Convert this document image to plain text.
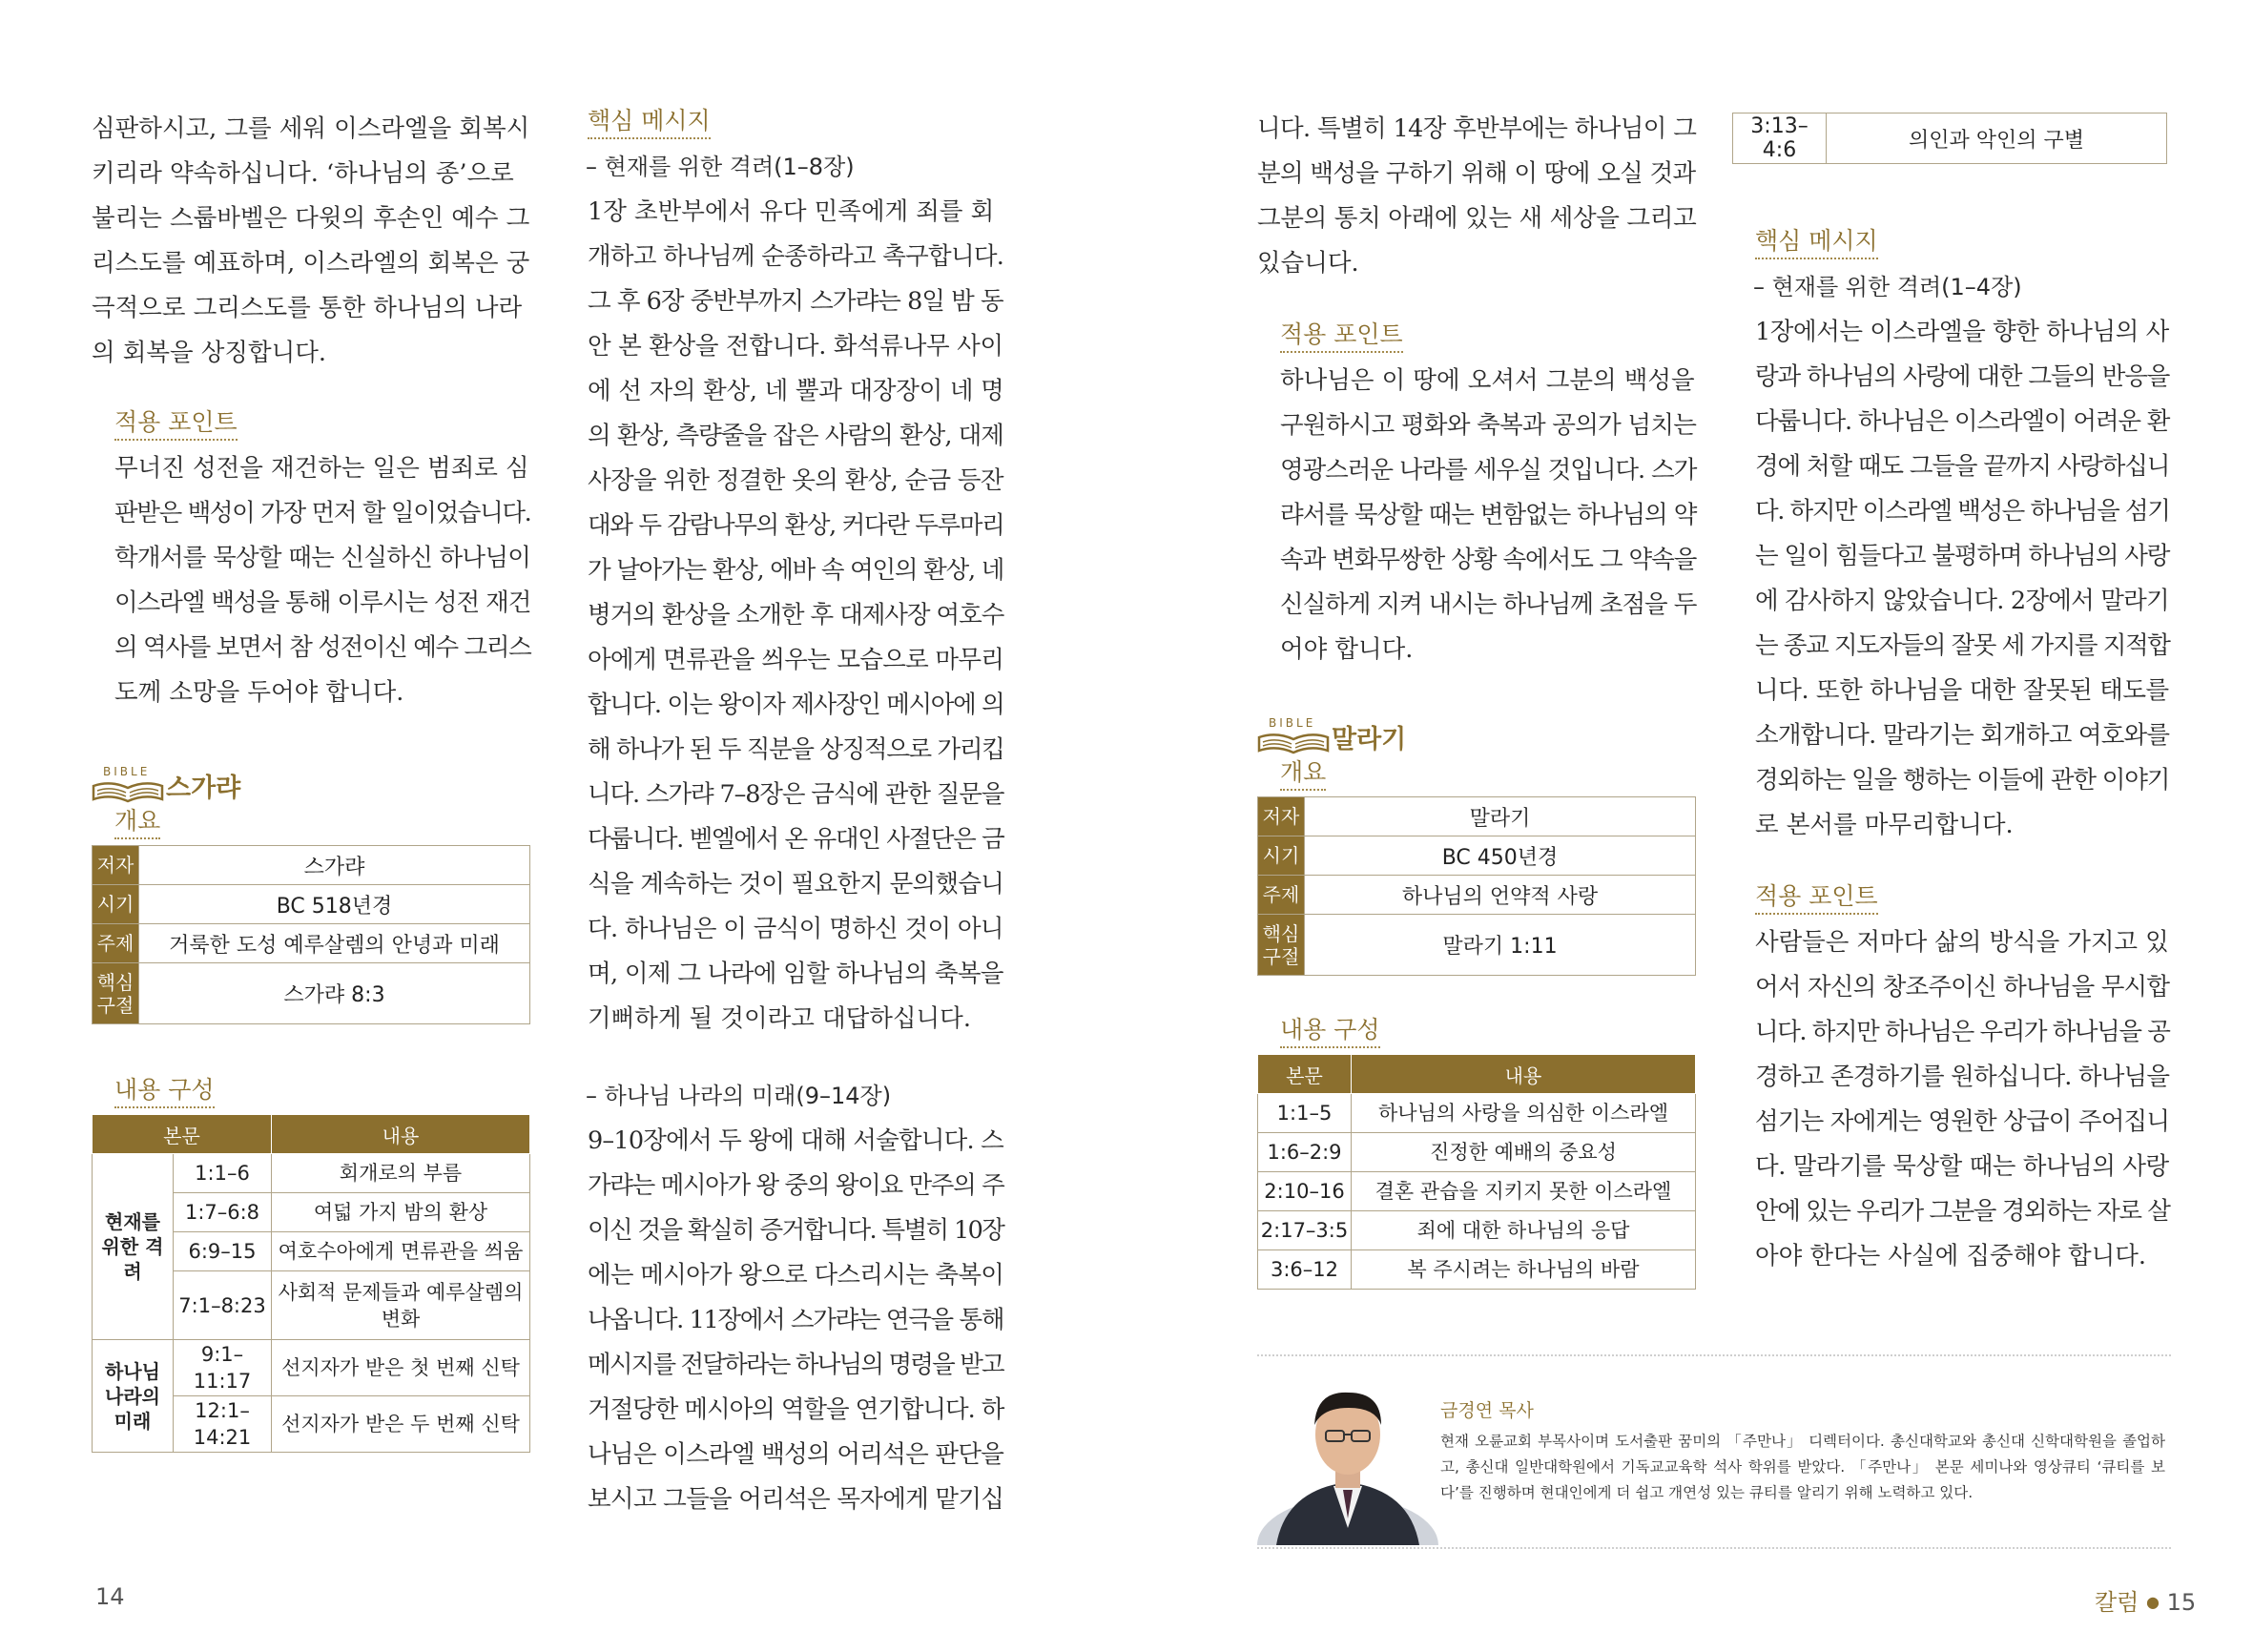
심판하시고, 그를 세워 이스라엘을 회복시
키리라 약속하십니다. ‘하나님의 종’으로
불리는 스룹바벨은 다윗의 후손인 예수 그
리스도를 예표하며, 이스라엘의 회복은 궁
극적으로 그리스도를 통한 하나님의 나라
의 회복을 상징합니다.

적용 포인트

무너진 성전을 재건하는 일은 범죄로 심
판받은 백성이 가장 먼저 할 일이었습니다.
학개서를 묵상할 때는 신실하신 하나님이
이스라엘 백성을 통해 이루시는 성전 재건
의 역사를 보면서 참 성전이신 예수 그리스
도께 소망을 두어야 합니다.

BIBLE
스가랴
개요
저자	스가랴
시기	BC 518년경
주제	거룩한 도성 예루살렘의 안녕과 미래
핵심 구절	스가랴 8:3
내용 구성
본문		내용
현재를 위한 격려	1:1–6	회개로의 부름
	1:7–6:8	여덟 가지 밤의 환상
	6:9–15	여호수아에게 면류관을 씌움
	7:1–8:23	사회적 문제들과 예루살렘의 변화
하나님 나라의 미래	9:1–11:17	선지자가 받은 첫 번째 신탁
	12:1–14:21	선지자가 받은 두 번째 신탁
핵심 메시지
– 현재를 위한 격려(1–8장)

1장 초반부에서 유다 민족에게 죄를 회
개하고 하나님께 순종하라고 촉구합니다.
그 후 6장 중반부까지 스가랴는 8일 밤 동
안 본 환상을 전합니다. 화석류나무 사이
에 선 자의 환상, 네 뿔과 대장장이 네 명
의 환상, 측량줄을 잡은 사람의 환상, 대제
사장을 위한 정결한 옷의 환상, 순금 등잔
대와 두 감람나무의 환상, 커다란 두루마리
가 날아가는 환상, 에바 속 여인의 환상, 네
병거의 환상을 소개한 후 대제사장 여호수
아에게 면류관을 씌우는 모습으로 마무리
합니다. 이는 왕이자 제사장인 메시아에 의
해 하나가 된 두 직분을 상징적으로 가리킵
니다. 스가랴 7–8장은 금식에 관한 질문을
다룹니다. 벧엘에서 온 유대인 사절단은 금
식을 계속하는 것이 필요한지 문의했습니
다. 하나님은 이 금식이 명하신 것이 아니
며, 이제 그 나라에 임할 하나님의 축복을
기뻐하게 될 것이라고 대답하십니다.

– 하나님 나라의 미래(9–14장)

9–10장에서 두 왕에 대해 서술합니다. 스
가랴는 메시아가 왕 중의 왕이요 만주의 주
이신 것을 확실히 증거합니다. 특별히 10장
에는 메시아가 왕으로 다스리시는 축복이
나옵니다. 11장에서 스가랴는 연극을 통해
메시지를 전달하라는 하나님의 명령을 받고
거절당한 메시아의 역할을 연기합니다. 하
나님은 이스라엘 백성의 어리석은 판단을
보시고 그들을 어리석은 목자에게 맡기십

14

니다. 특별히 14장 후반부에는 하나님이 그
분의 백성을 구하기 위해 이 땅에 오실 것과
그분의 통치 아래에 있는 새 세상을 그리고
있습니다.

적용 포인트

하나님은 이 땅에 오셔서 그분의 백성을
구원하시고 평화와 축복과 공의가 넘치는
영광스러운 나라를 세우실 것입니다. 스가
랴서를 묵상할 때는 변함없는 하나님의 약
속과 변화무쌍한 상황 속에서도 그 약속을
신실하게 지켜 내시는 하나님께 초점을 두
어야 합니다.

BIBLE
말라기
개요
저자	말라기
시기	BC 450년경
주제	하나님의 언약적 사랑
핵심 구절	말라기 1:11
내용 구성
본문	내용
1:1–5	하나님의 사랑을 의심한 이스라엘
1:6–2:9	진정한 예배의 중요성
2:10–16	결혼 관습을 지키지 못한 이스라엘
2:17–3:5	죄에 대한 하나님의 응답
3:6–12	복 주시려는 하나님의 바람
3:13–4:6	의인과 악인의 구별
핵심 메시지
– 현재를 위한 격려(1–4장)

1장에서는 이스라엘을 향한 하나님의 사
랑과 하나님의 사랑에 대한 그들의 반응을
다룹니다. 하나님은 이스라엘이 어려운 환
경에 처할 때도 그들을 끝까지 사랑하십니
다. 하지만 이스라엘 백성은 하나님을 섬기
는 일이 힘들다고 불평하며 하나님의 사랑
에 감사하지 않았습니다. 2장에서 말라기
는 종교 지도자들의 잘못 세 가지를 지적합
니다. 또한 하나님을 대한 잘못된 태도를
소개합니다. 말라기는 회개하고 여호와를
경외하는 일을 행하는 이들에 관한 이야기
로 본서를 마무리합니다.

적용 포인트

사람들은 저마다 삶의 방식을 가지고 있
어서 자신의 창조주이신 하나님을 무시합
니다. 하지만 하나님은 우리가 하나님을 공
경하고 존경하기를 원하십니다. 하나님을
섬기는 자에게는 영원한 상급이 주어집니
다. 말라기를 묵상할 때는 하나님의 사랑
안에 있는 우리가 그분을 경외하는 자로 살
아야 한다는 사실에 집중해야 합니다.

금경연 목사
현재 오륜교회 부목사이며 도서출판 꿈미의 「주만나」 디렉터이다. 총신대학교와 총신대 신학대학원을 졸업하고, 총신대 일반대학원에서 기독교교육학 석사 학위를 받았다. 「주만나」 본문 세미나와 영상큐티 ‘큐티를 보다’를 진행하며 현대인에게 더 쉽고 개연성 있는 큐티를 알리기 위해 노력하고 있다.
칼럼 ● 15
